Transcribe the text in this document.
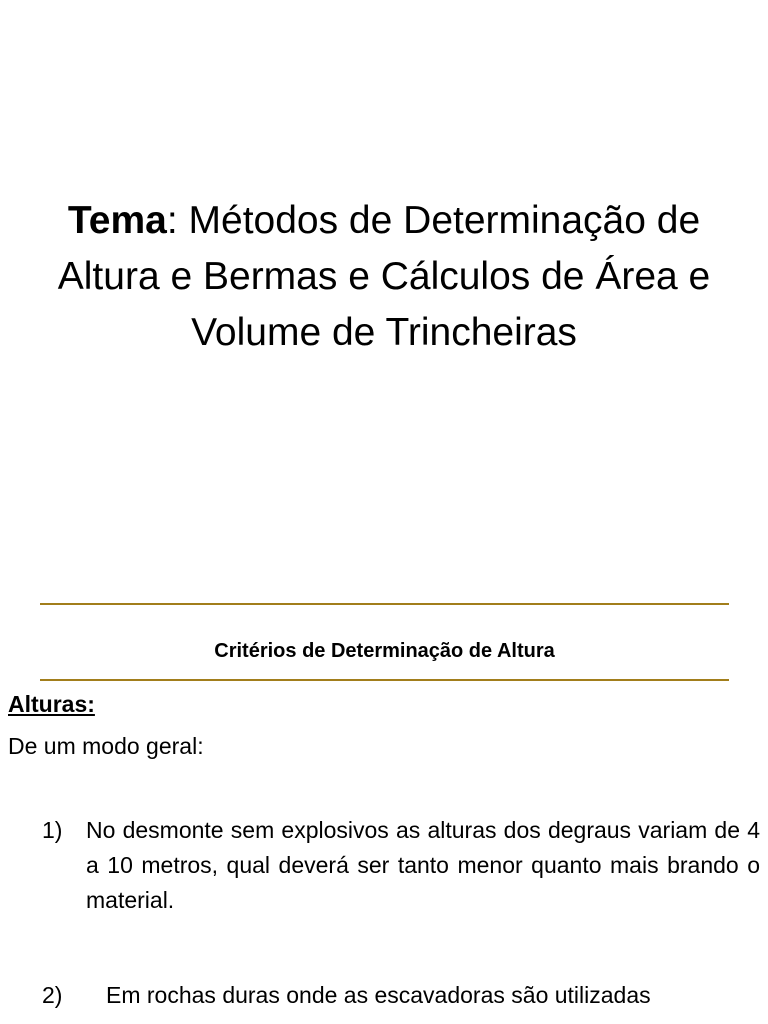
Tema: Métodos de Determinação de Altura e Bermas e Cálculos de Área e Volume de Trincheiras
Critérios de Determinação de Altura

Alturas:

De um modo geral:

1) No desmonte sem explosivos as alturas dos degraus variam de 4 a 10 metros, qual deverá ser tanto menor quanto mais brando o material.

2)	Em rochas duras onde as escavadoras são utilizadas
